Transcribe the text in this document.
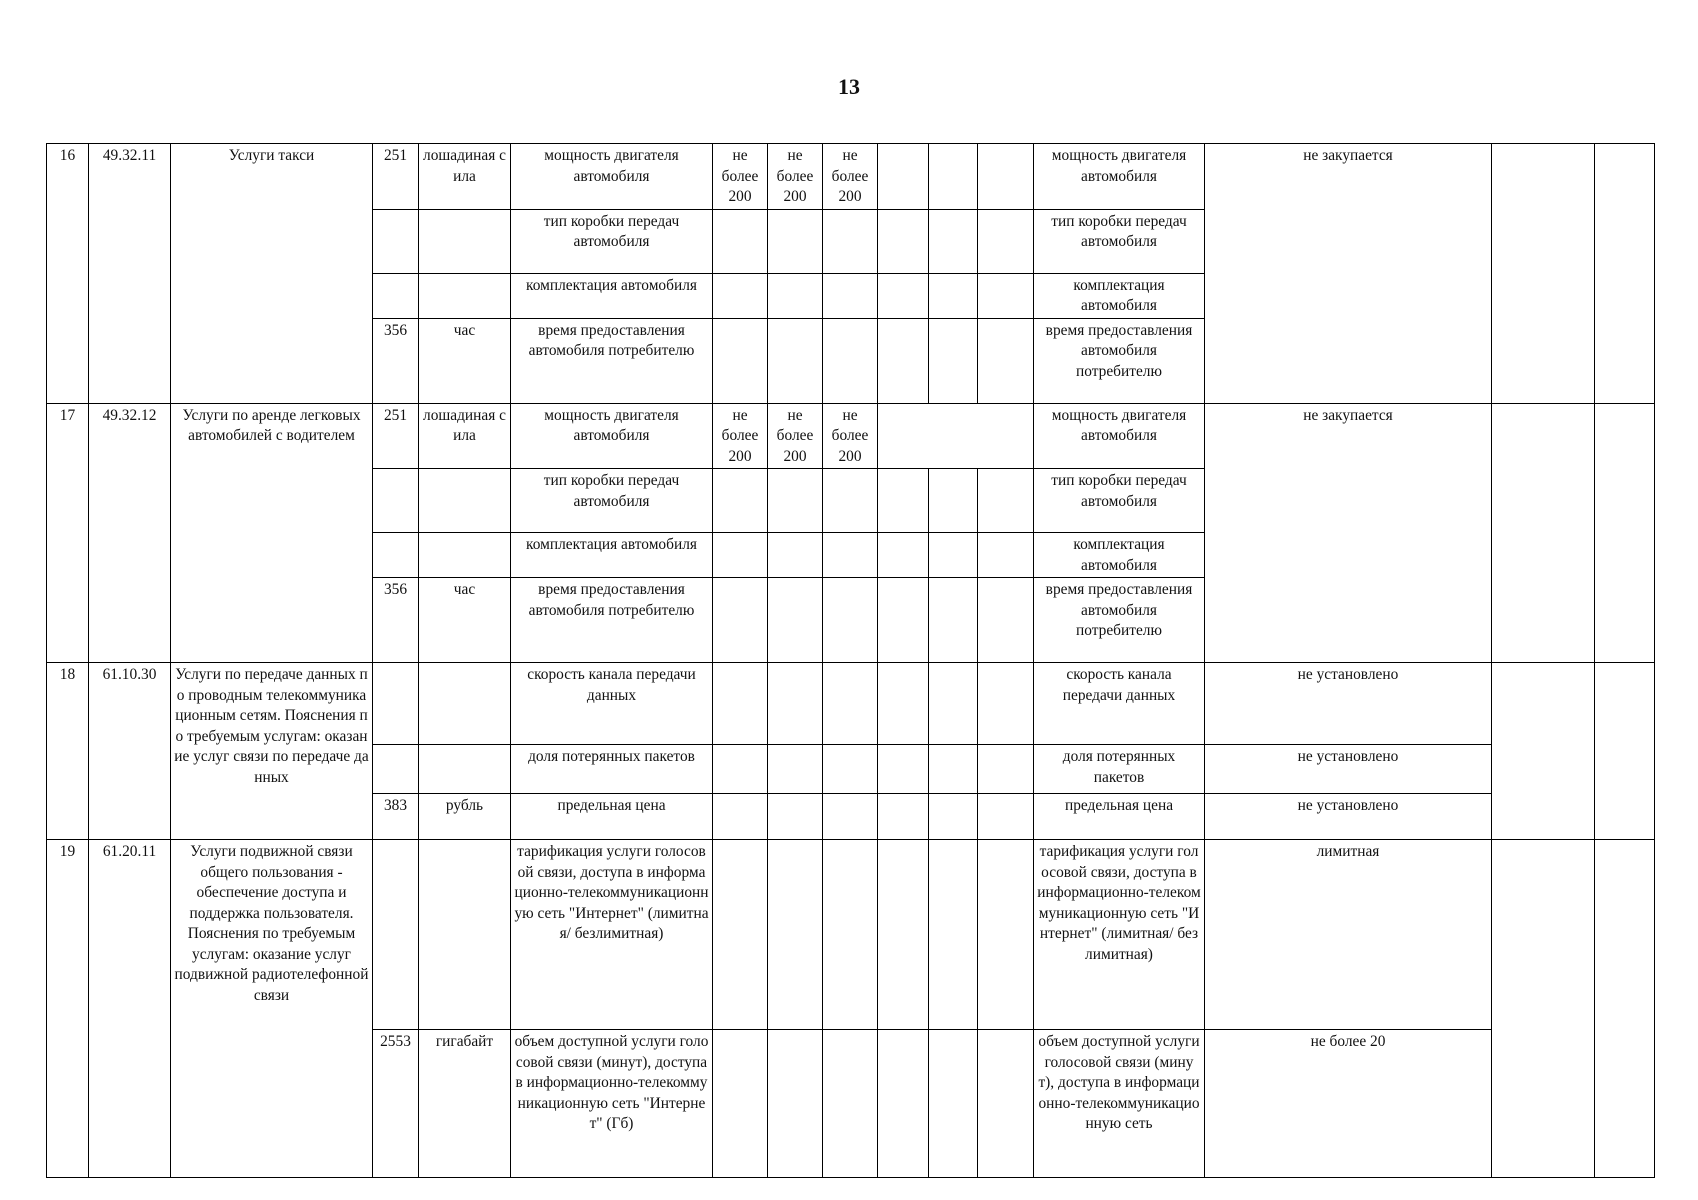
13
16	49.32.11	Услуги такси	251	лошадиная сила	мощность двигателя автомобиля	не более 200	не более 200	не более 200				мощность двигателя автомобиля	не закупается		
					тип коробки передач автомобиля							тип коробки передач автомобиля			
					комплектация автомобиля							комплектация автомобиля			
			356	час	время предоставления автомобиля потребителю							время предоставления автомобиля потребителю			
17	49.32.12	Услуги по аренде легковых автомобилей с водителем	251	лошадиная сила	мощность двигателя автомобиля	не более 200	не более 200	не более 200				мощность двигателя автомобиля	не закупается		
					тип коробки передач автомобиля							тип коробки передач автомобиля			
					комплектация автомобиля							комплектация автомобиля			
			356	час	время предоставления автомобиля потребителю							время предоставления автомобиля потребителю			
18	61.10.30	Услуги по передаче данных по проводным телекоммуникационным сетям. Пояснения по требуемым услугам: оказание услуг связи по передаче данных			скорость канала передачи данных							скорость канала передачи данных	не установлено		
					доля потерянных пакетов							доля потерянных пакетов	не установлено		
			383	рубль	предельная цена							предельная цена	не установлено		
19	61.20.11	Услуги подвижной связи общего пользования - обеспечение доступа и поддержка пользователя. Пояснения по требуемым услугам: оказание услуг подвижной радиотелефонной связи			тарификация услуги голосовой связи, доступа в информационно-телекоммуникационную сеть "Интернет" (лимитная/ безлимитная)							тарификация услуги голосовой связи, доступа в информационно-телекоммуникационную сеть "Интернет" (лимитная/ безлимитная)	лимитная		
			2553	гигабайт	объем доступной услуги голосовой связи (минут), доступа в информационно-телекоммуникационную сеть "Интернет" (Гб)							объем доступной услуги голосовой связи (минут), доступа в информационно-телекоммуникационную сеть	не более 20		
